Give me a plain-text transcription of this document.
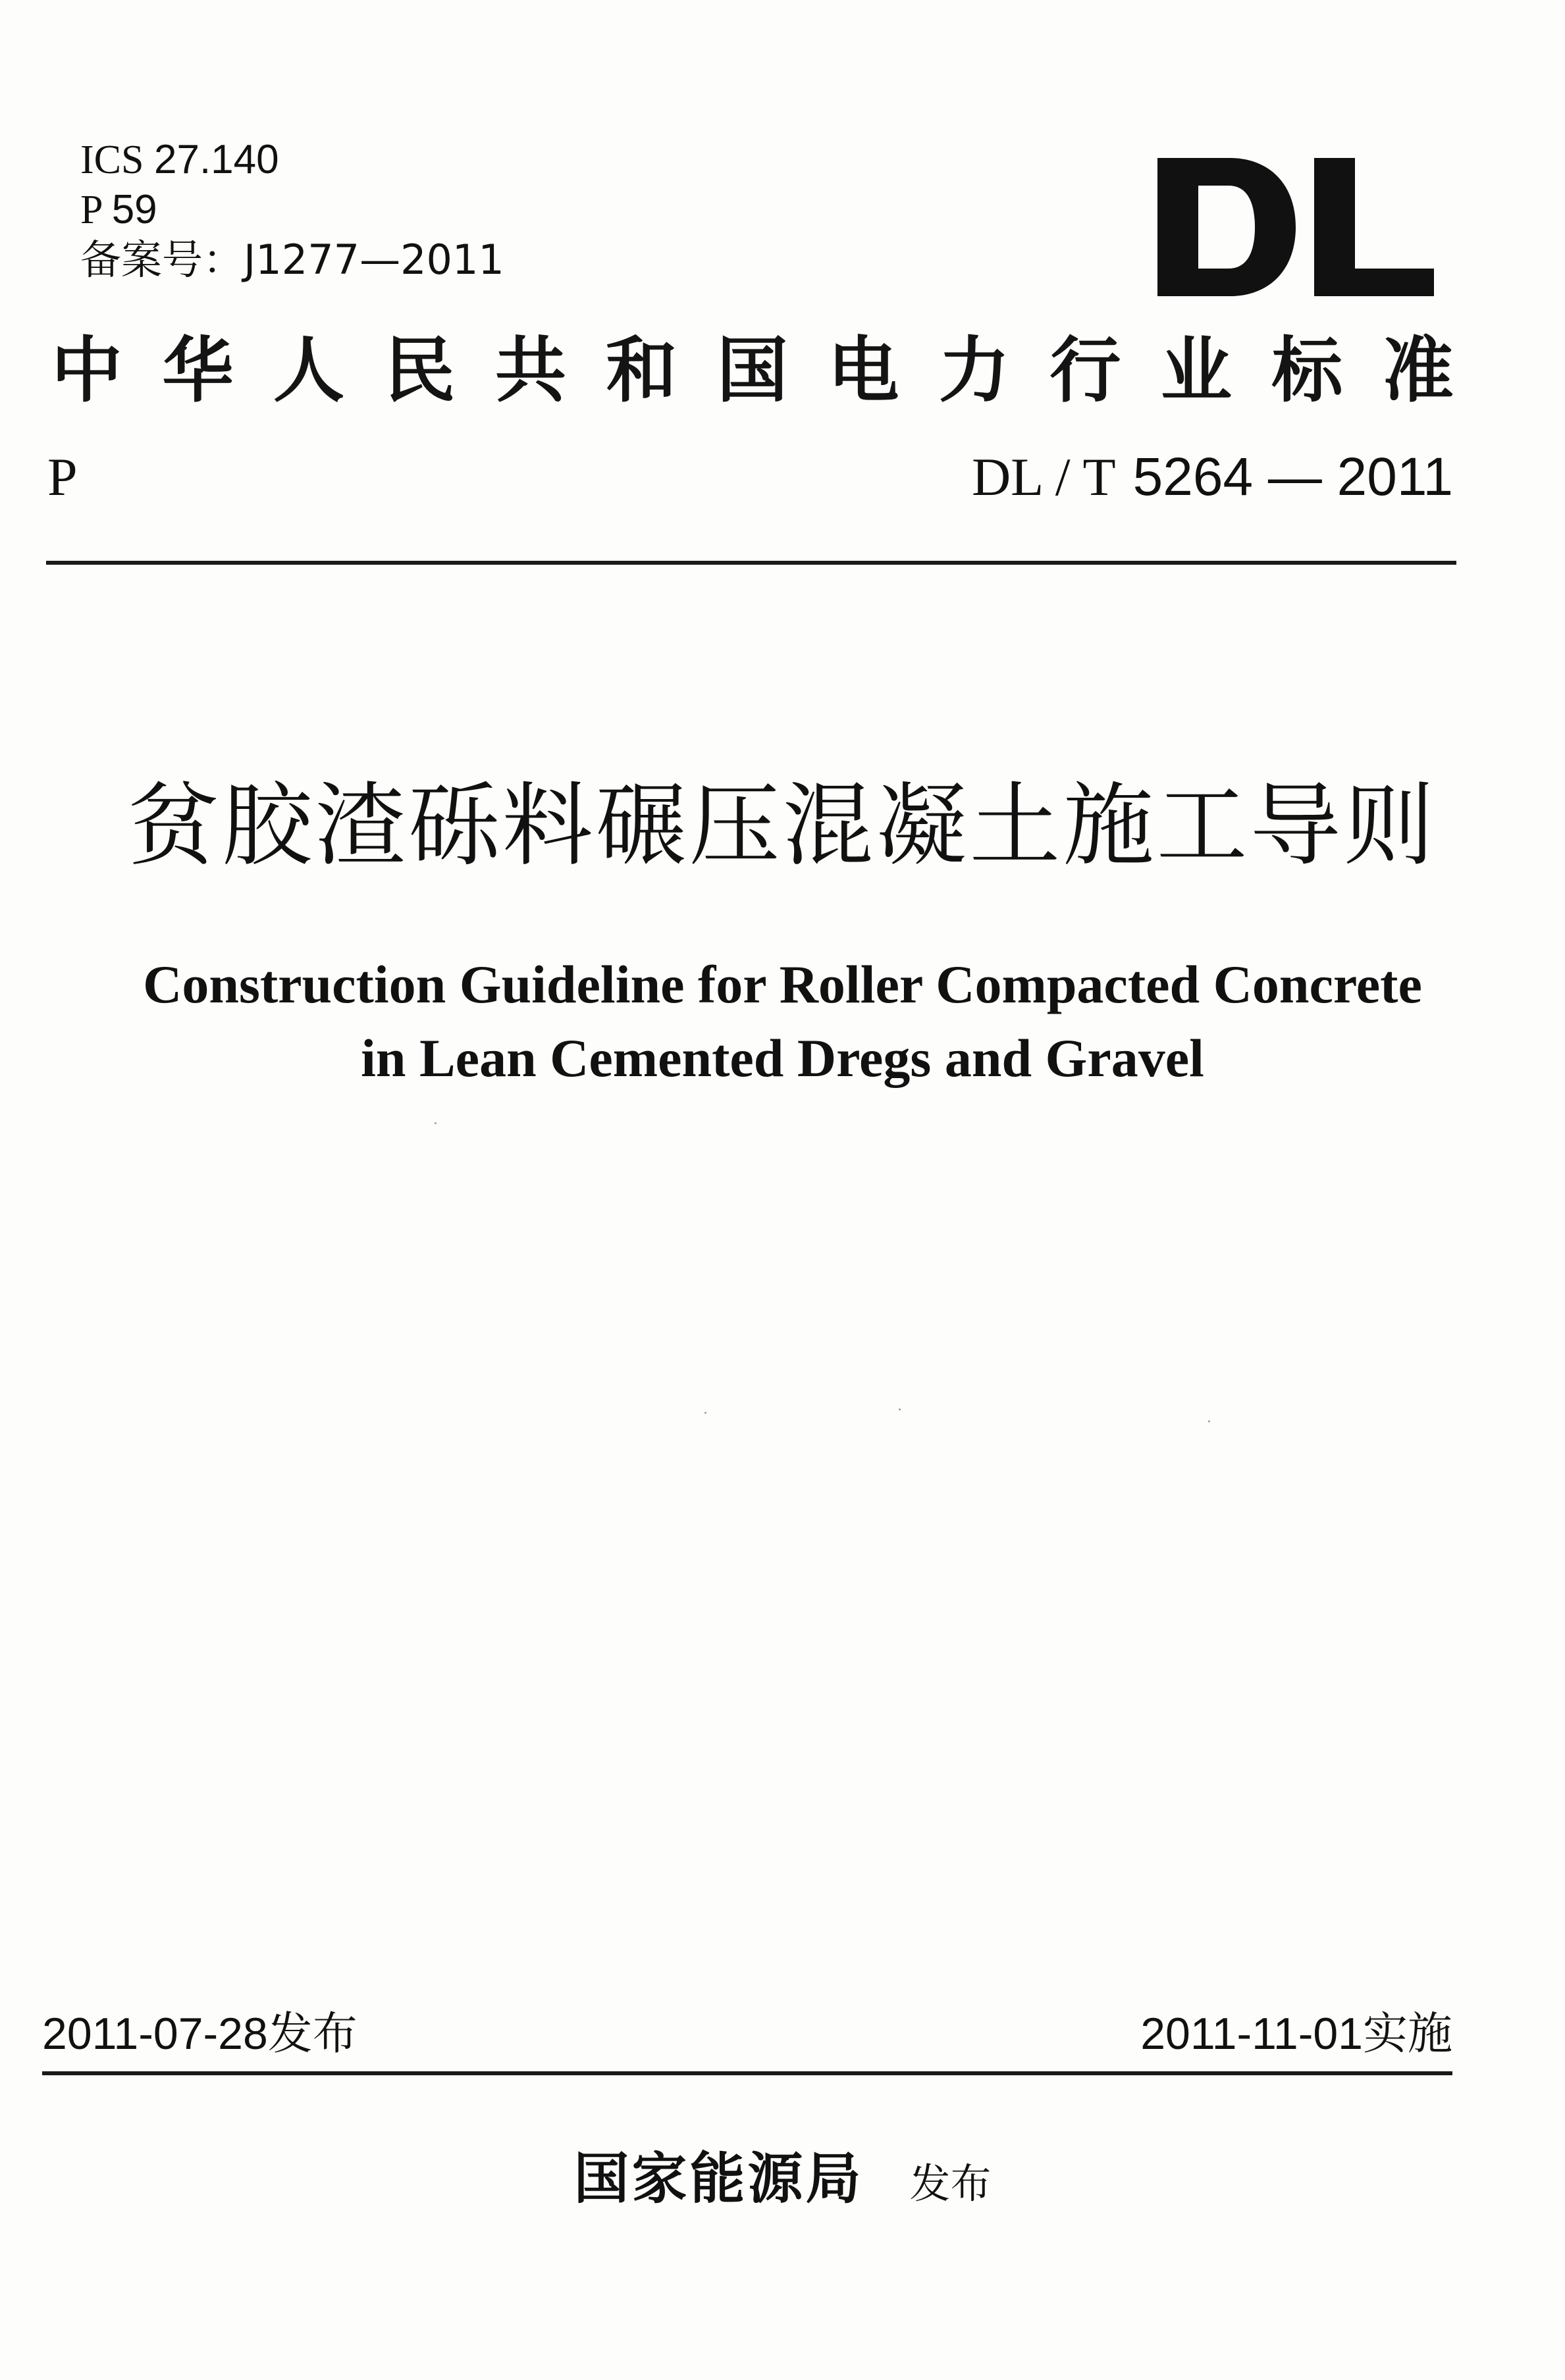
ICS 27.140
P 59
备案号：J1277—2011
中 华 人 民 共 和 国 电 力 行 业 标 准
P	DL / T 5264 — 2011
贫胶渣砾料碾压混凝土施工导则
Construction Guideline for Roller Compacted Concrete
in Lean Cemented Dregs and Gravel
2011-07-28发布	2011-11-01实施
国家能源局 发布
